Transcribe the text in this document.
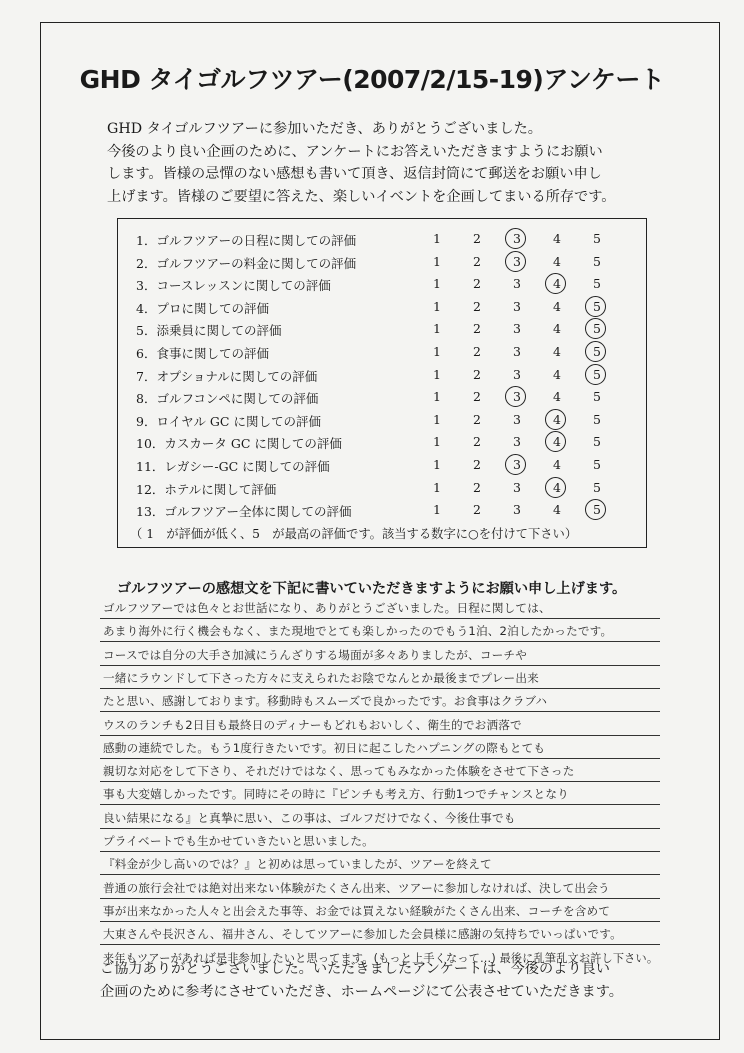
GHD タイゴルフツアー(2007/2/15-19)アンケート

GHD タイゴルフツアーに参加いただき、ありがとうございました。

今後のより良い企画のために、アンケートにお答えいただきますようにお願い

します。皆様の忌憚のない感想も書いて頂き、返信封筒にて郵送をお願い申し

上げます。皆様のご要望に答えた、楽しいイベントを企画してまいる所存です。

（ 1　が評価が低く、5　が最高の評価です。該当する数字に○を付けて下さい）
1．ゴルフツアーの日程に関しての評価	1	2	3	4	5
2．ゴルフツアーの料金に関しての評価	1	2	3	4	5
3．コースレッスンに関しての評価	1	2	3	4	5
4．プロに関しての評価	1	2	3	4	5
5．添乗員に関しての評価	1	2	3	4	5
6．食事に関しての評価	1	2	3	4	5
7．オプショナルに関しての評価	1	2	3	4	5
8．ゴルフコンペに関しての評価	1	2	3	4	5
9．ロイヤル GC に関しての評価	1	2	3	4	5
10．カスカータ GC に関しての評価	1	2	3	4	5
11．レガシー-GC に関しての評価	1	2	3	4	5
12．ホテルに関して評価	1	2	3	4	5
13．ゴルフツアー全体に関しての評価	1	2	3	4	5
ゴルフツアーの感想文を下記に書いていただきますようにお願い申し上げます。
ゴルフツアーでは色々とお世話になり、ありがとうございました。日程に関しては、
あまり海外に行く機会もなく、また現地でとても楽しかったのでもう1泊、2泊したかったです。
コースでは自分の大手さ加減にうんざりする場面が多々ありましたが、コーチや
一緒にラウンドして下さった方々に支えられたお陰でなんとか最後までプレー出来
たと思い、感謝しております。移動時もスムーズで良かったです。お食事はクラブハ
ウスのランチも2日目も最終日のディナーもどれもおいしく、衛生的でお洒落で
感動の連続でした。もう1度行きたいです。初日に起こしたハプニングの際もとても
親切な対応をして下さり、それだけではなく、思ってもみなかった体験をさせて下さった
事も大変嬉しかったです。同時にその時に『ピンチも考え方、行動1つでチャンスとなり
良い結果になる』と真摯に思い、この事は、ゴルフだけでなく、今後仕事でも
プライベートでも生かせていきたいと思いました。
『料金が少し高いのでは？』と初めは思っていましたが、ツアーを終えて
普通の旅行会社では絶対出来ない体験がたくさん出来、ツアーに参加しなければ、決して出会う
事が出来なかった人々と出会えた事等、お金では買えない経験がたくさん出来、コーチを含めて
大東さんや長沢さん、福井さん、そしてツアーに参加した会員様に感謝の気持ちでいっぱいです。
来年もツアーがあれば是非参加したいと思ってます。(もっと上手くなって…) 最後に乱筆乱文お許し下さい。

ご協力ありがとうございました。いただきましたアンケートは、今後のより良い

企画のために参考にさせていただき、ホームページにて公表させていただきます。
